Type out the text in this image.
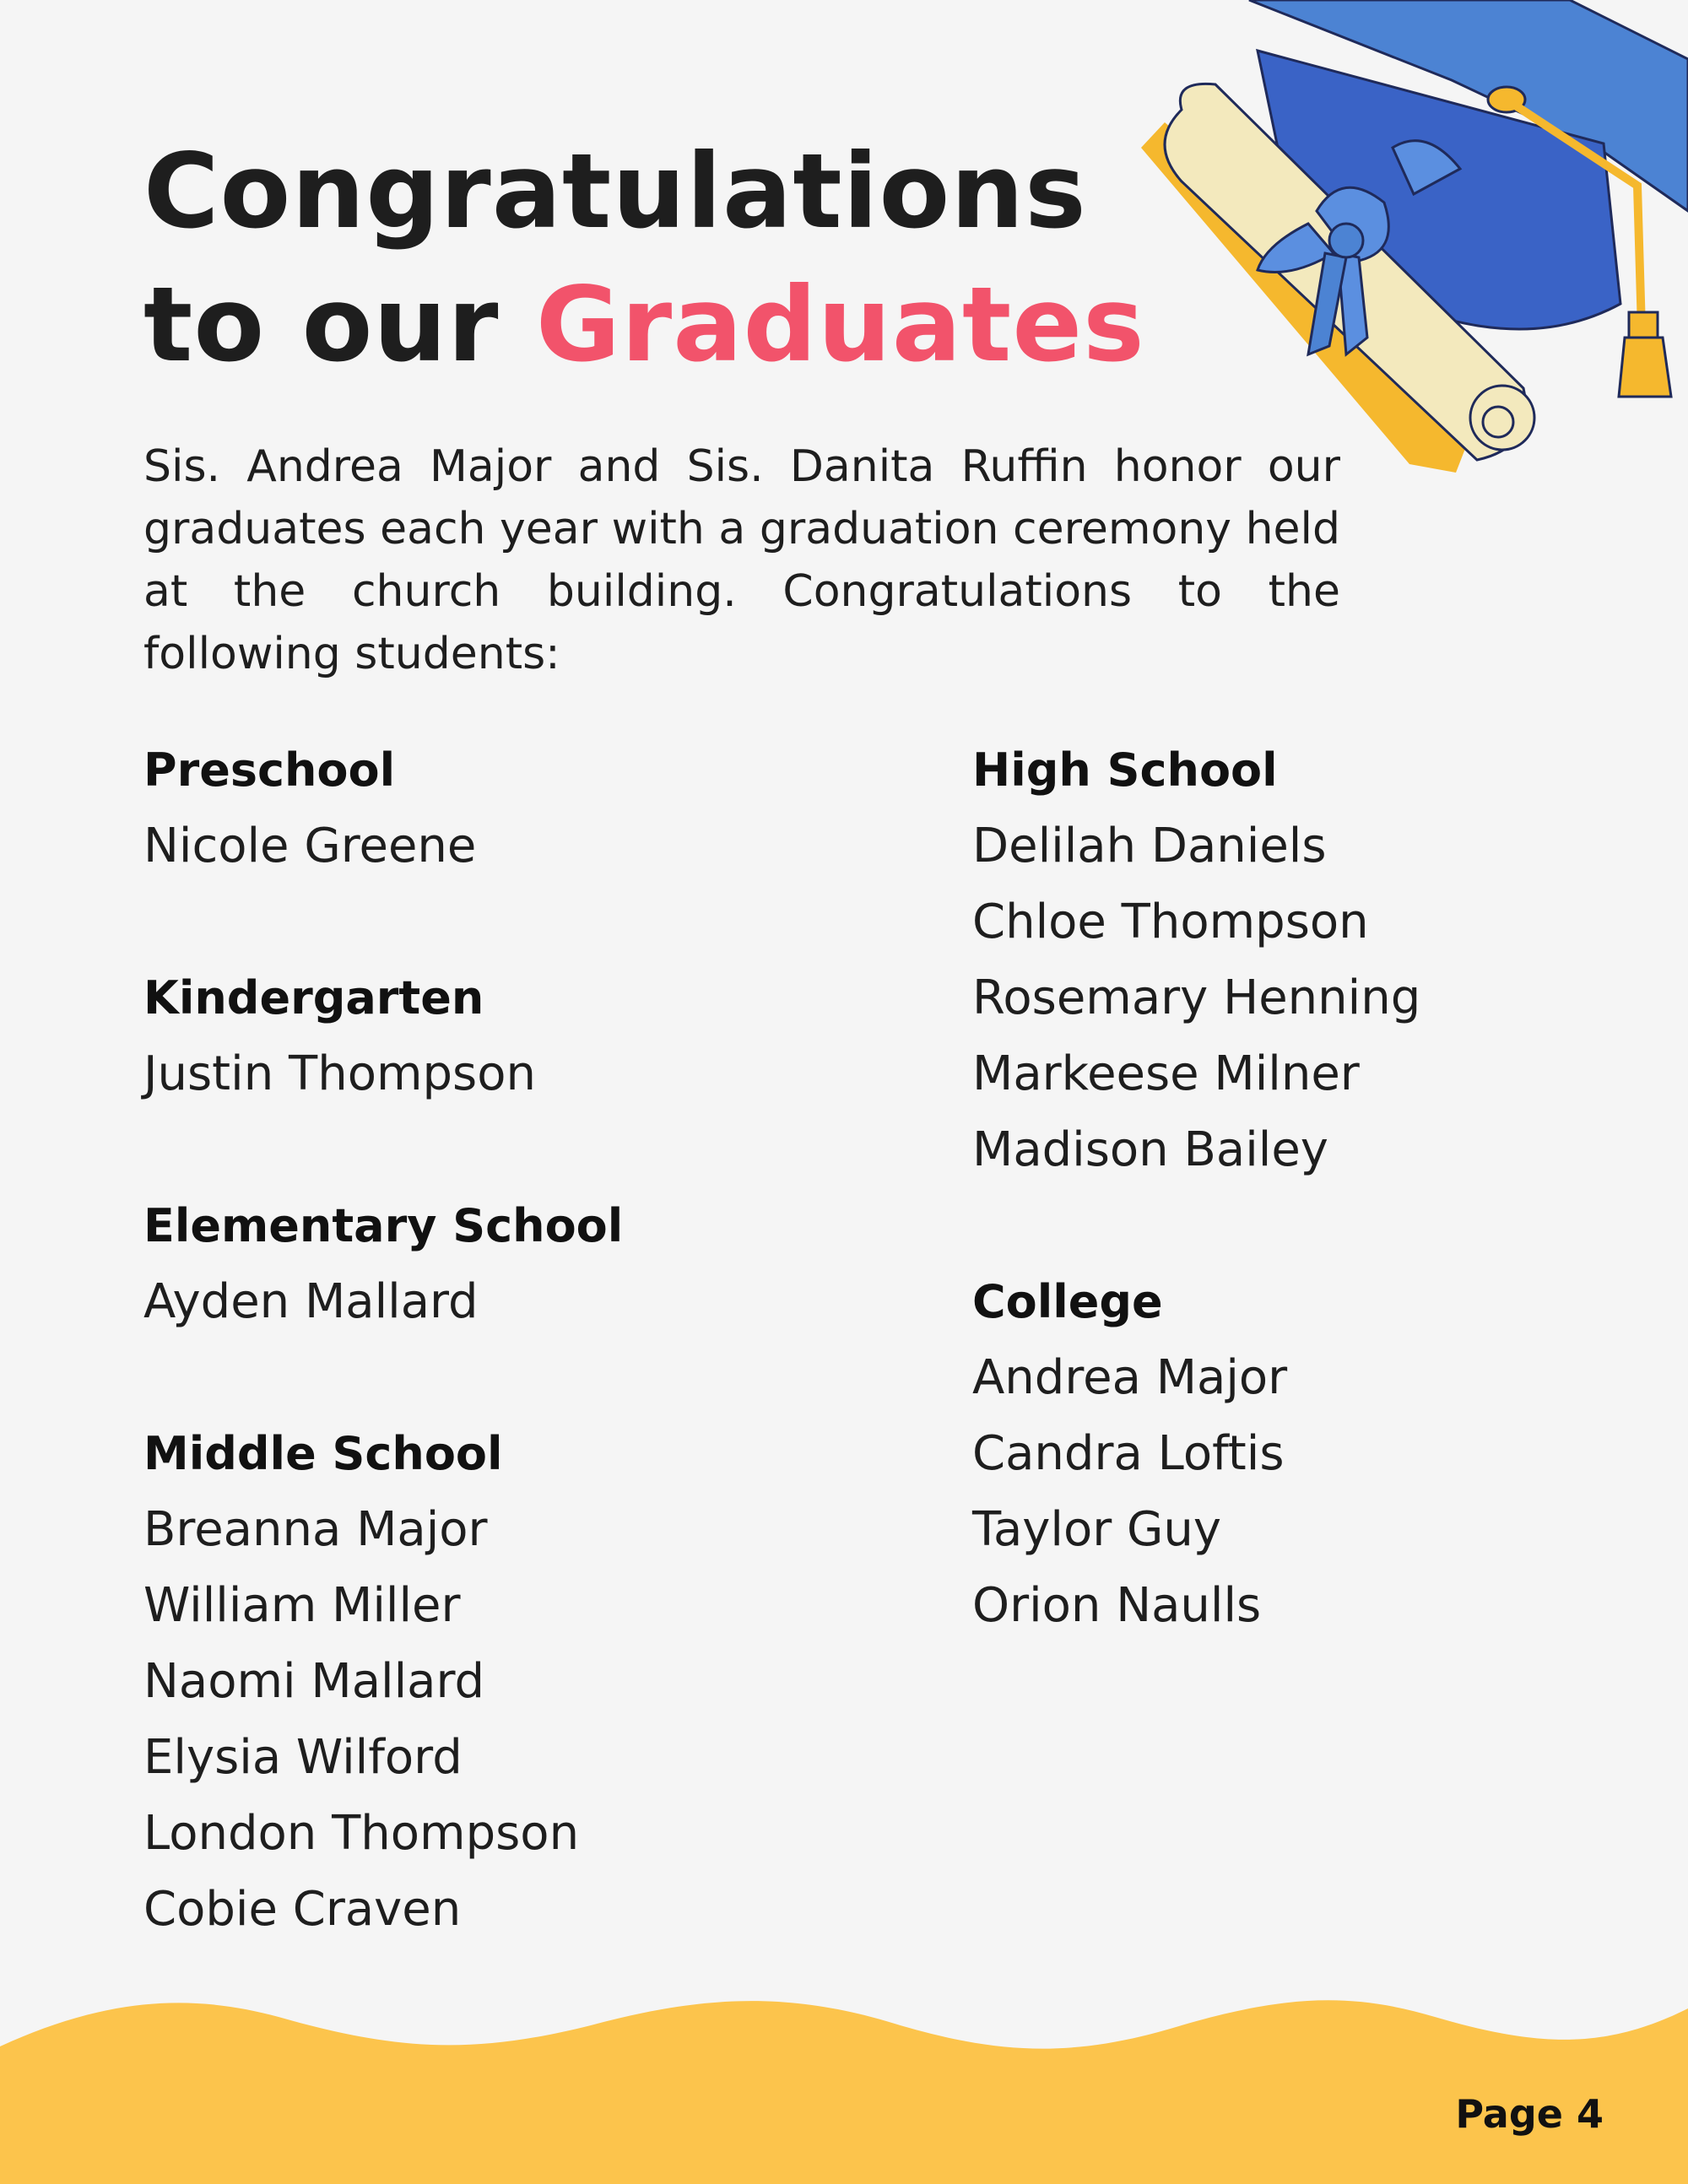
Congratulations
to our Graduates

Sis. Andrea Major and Sis. Danita Ruffin honor our graduates each year with a graduation ceremony held at the church building. Congratulations to the following students:

Preschool

Nicole Greene

Kindergarten

Justin Thompson

Elementary School

Ayden Mallard

Middle School

Breanna Major

William Miller

Naomi Mallard

Elysia Wilford

London Thompson

Cobie Craven

High School

Delilah Daniels

Chloe Thompson

Rosemary Henning

Markeese Milner

Madison Bailey

College

Andrea Major

Candra Loftis

Taylor Guy

Orion Naulls

Page 4
